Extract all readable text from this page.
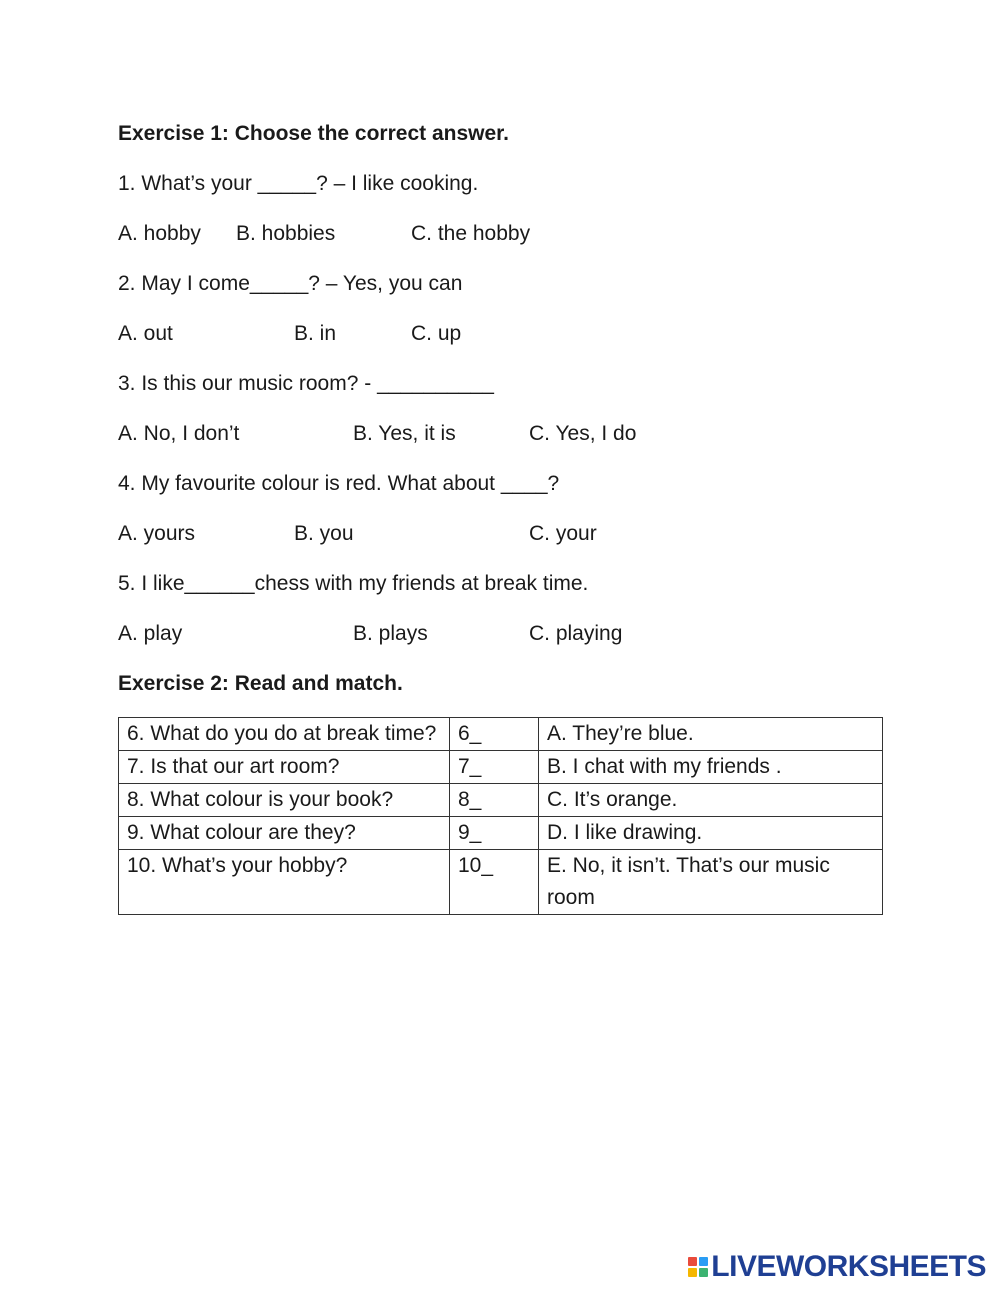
Exercise 1: Choose the correct answer.
1. What’s your _____? – I like cooking.
A. hobby B. hobbies	C. the hobby
2. May I come_____? – Yes, you can
A. out	B. in	C. up
3. Is this our music room? - __________
A. No, I don’t	B. Yes, it is	C. Yes, I do
4. My favourite colour is red. What about ____?
A. yours	B. you	C. your
5. I like______chess with my friends at break time.
A. play	B. plays	C. playing
Exercise 2: Read and match.
6. What do you do at break time?	6_	A. They’re blue.
7. Is that our art room?	7_	B. I chat with my friends .
8. What colour is your book?	8_	C. It’s orange.
9. What colour are they?	9_	D. I like drawing.
10. What’s your hobby?	10_	E. No, it isn’t. That’s our music room
LIVEWORKSHEETS
